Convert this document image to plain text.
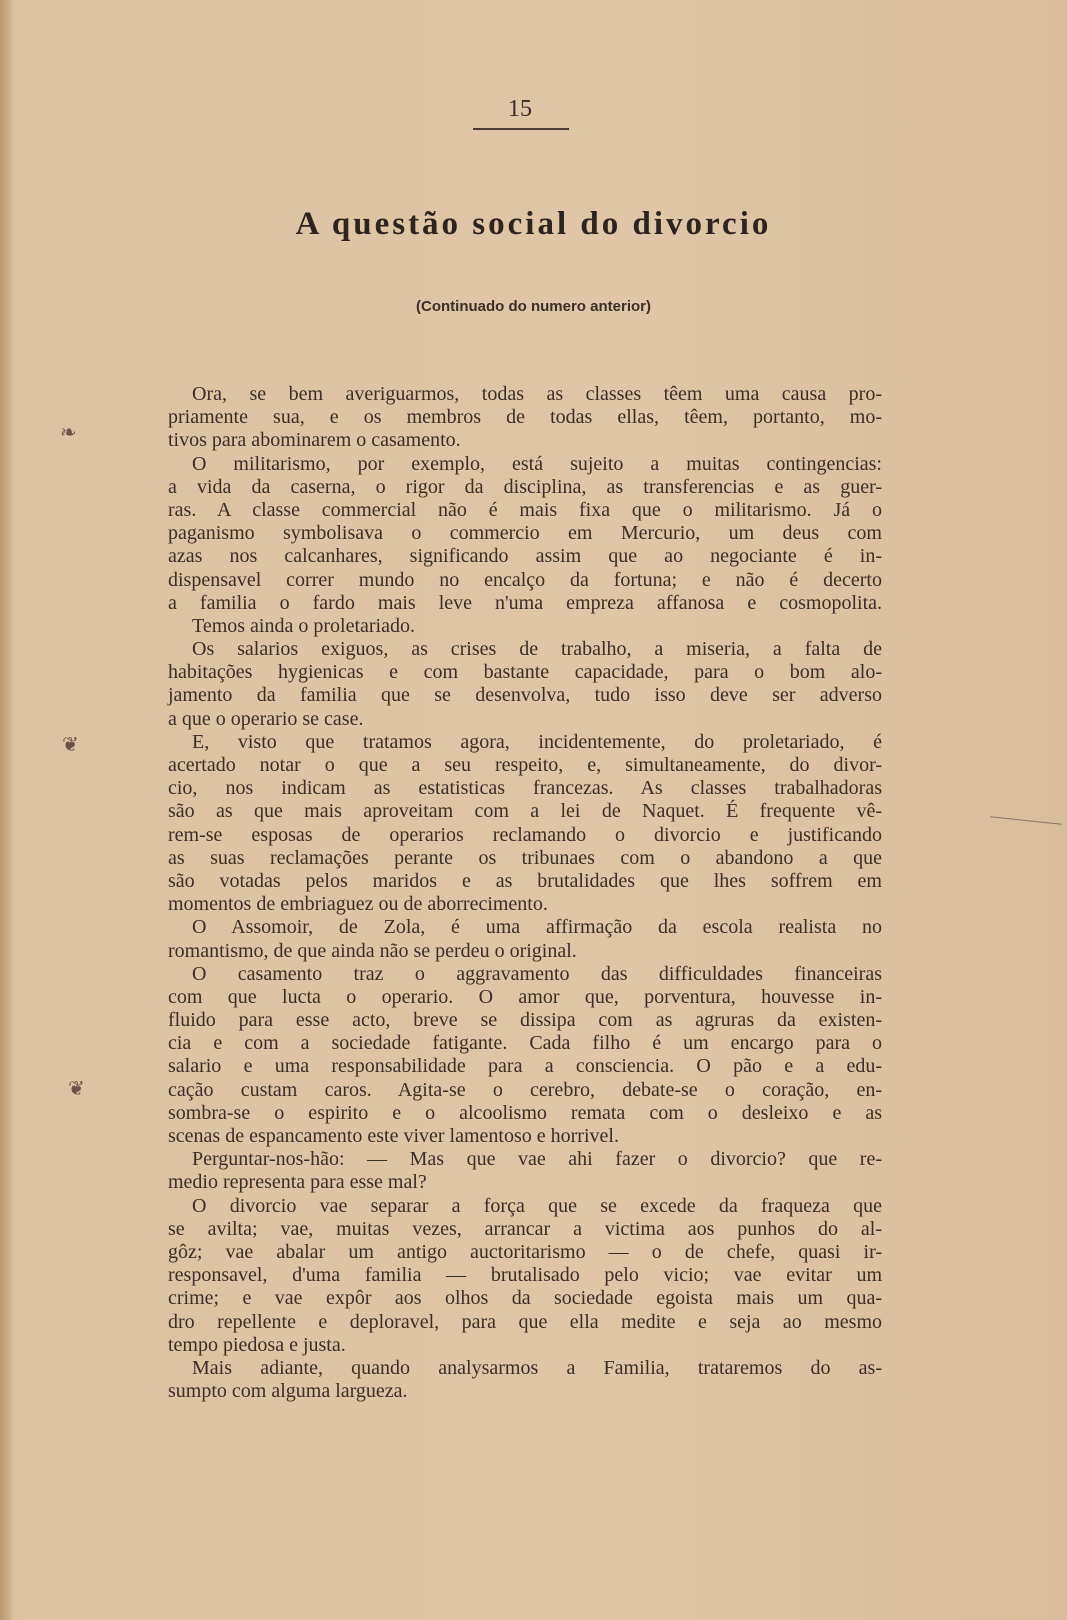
15
A questão social do divorcio
(Continuado do numero anterior)
Ora, se bem averiguarmos, todas as classes têem uma causa pro-
priamente sua, e os membros de todas ellas, têem, portanto, mo-
tivos para abominarem o casamento.
O militarismo, por exemplo, está sujeito a muitas contingencias:
a vida da caserna, o rigor da disciplina, as transferencias e as guer-
ras. A classe commercial não é mais fixa que o militarismo. Já o
paganismo symbolisava o commercio em Mercurio, um deus com
azas nos calcanhares, significando assim que ao negociante é in-
dispensavel correr mundo no encalço da fortuna; e não é decerto
a familia o fardo mais leve n'uma empreza affanosa e cosmopolita.
Temos ainda o proletariado.
Os salarios exiguos, as crises de trabalho, a miseria, a falta de
habitações hygienicas e com bastante capacidade, para o bom alo-
jamento da familia que se desenvolva, tudo isso deve ser adverso
a que o operario se case.
E, visto que tratamos agora, incidentemente, do proletariado, é
acertado notar o que a seu respeito, e, simultaneamente, do divor-
cio, nos indicam as estatisticas francezas. As classes trabalhadoras
são as que mais aproveitam com a lei de Naquet. É frequente vê-
rem-se esposas de operarios reclamando o divorcio e justificando
as suas reclamações perante os tribunaes com o abandono a que
são votadas pelos maridos e as brutalidades que lhes soffrem em
momentos de embriaguez ou de aborrecimento.
O Assomoir, de Zola, é uma affirmação da escola realista no
romantismo, de que ainda não se perdeu o original.
O casamento traz o aggravamento das difficuldades financeiras
com que lucta o operario. O amor que, porventura, houvesse in-
fluido para esse acto, breve se dissipa com as agruras da existen-
cia e com a sociedade fatigante. Cada filho é um encargo para o
salario e uma responsabilidade para a consciencia. O pão e a edu-
cação custam caros. Agita-se o cerebro, debate-se o coração, en-
sombra-se o espirito e o alcoolismo remata com o desleixo e as
scenas de espancamento este viver lamentoso e horrivel.
Perguntar-nos-hão: — Mas que vae ahi fazer o divorcio? que re-
medio representa para esse mal?
O divorcio vae separar a força que se excede da fraqueza que
se avilta; vae, muitas vezes, arrancar a victima aos punhos do al-
gôz; vae abalar um antigo auctoritarismo — o de chefe, quasi ir-
responsavel, d'uma familia — brutalisado pelo vicio; vae evitar um
crime; e vae expôr aos olhos da sociedade egoista mais um qua-
dro repellente e deploravel, para que ella medite e seja ao mesmo
tempo piedosa e justa.
Mais adiante, quando analysarmos a Familia, trataremos do as-
sumpto com alguma largueza.
❧
❦
❦
